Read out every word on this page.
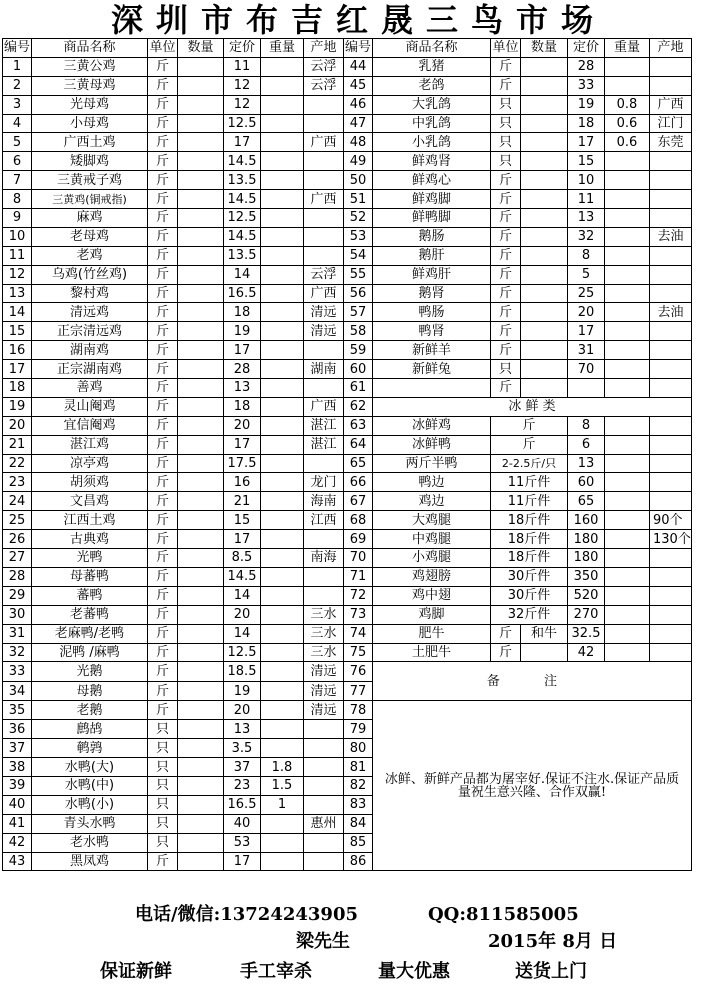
深圳市布吉红晟三鸟市场
编号	商品名称	单位	数量	定价	重量	产地	编号	商品名称	单位	数量	定价	重量	产地
1	三黄公鸡	斤		11		云浮	44	乳猪	斤		28		
2	三黄母鸡	斤		12		云浮	45	老鸽	斤		33		
3	光母鸡	斤		12			46	大乳鸽	只		19	0.8	广西
4	小母鸡	斤		12.5			47	中乳鸽	只		18	0.6	江门
5	广西土鸡	斤		17		广西	48	小乳鸽	只		17	0.6	东莞
6	矮脚鸡	斤		14.5			49	鲜鸡肾	只		15		
7	三黄戒子鸡	斤		13.5			50	鲜鸡心	斤		10		
8	三黄鸡(铜戒指)	斤		14.5		广西	51	鲜鸡脚	斤		11		
9	麻鸡	斤		12.5			52	鲜鸭脚	斤		13		
10	老母鸡	斤		14.5			53	鹅肠	斤		32		去油
11	老鸡	斤		13.5			54	鹅肝	斤		8		
12	乌鸡(竹丝鸡)	斤		14		云浮	55	鲜鸡肝	斤		5		
13	黎村鸡	斤		16.5		广西	56	鹅肾	斤		25		
14	清远鸡	斤		18		清远	57	鸭肠	斤		20		去油
15	正宗清远鸡	斤		19		清远	58	鸭肾	斤		17		
16	湖南鸡	斤		17			59	新鲜羊	斤		31		
17	正宗湖南鸡	斤		28		湖南	60	新鲜兔	只		70		
18	善鸡	斤		13			61		斤				
19	灵山阉鸡	斤		18		广西	62	冰 鲜 类					
20	宜信阉鸡	斤		20		湛江	63	冰鲜鸡	斤		8		
21	湛江鸡	斤		17		湛江	64	冰鲜鸭	斤		6		
22	凉亭鸡	斤		17.5			65	两斤半鸭	2-2.5斤/只		13		
23	胡须鸡	斤		16		龙门	66	鸭边	11斤件		60		
24	文昌鸡	斤		21		海南	67	鸡边	11斤件		65		
25	江西土鸡	斤		15		江西	68	大鸡腿	18斤件		160		90个
26	古典鸡	斤		17			69	中鸡腿	18斤件		180		130个
27	光鸭	斤		8.5		南海	70	小鸡腿	18斤件		180		
28	母蕃鸭	斤		14.5			71	鸡翅膀	30斤件		350		
29	蕃鸭	斤		14			72	鸡中翅	30斤件		520		
30	老蕃鸭	斤		20		三水	73	鸡脚	32斤件		270		
31	老麻鸭/老鸭	斤		14		三水	74	肥牛	斤	和牛	32.5		
32	泥鸭 /麻鸭	斤		12.5		三水	75	土肥牛	斤		42		
33	光鹅	斤		18.5		清远	76	备 注					
34	母鹅	斤		19		清远	77						
35	老鹅	斤		20		清远	78	冰鲜、新鲜产品都为屠宰好.保证不注水.保证产品质量祝生意兴隆、合作双赢!					
36	鹧鸪	只		13			79						
37	鹌鹑	只		3.5			80						
38	水鸭(大)	只		37	1.8		81						
39	水鸭(中)	只		23	1.5		82						
40	水鸭(小)	只		16.5	1		83						
41	青头水鸭	只		40		惠州	84						
42	老水鸭	只		53			85						
43	黑凤鸡	斤		17			86						
电话/微信:13724243905	QQ:811585005
梁先生	2015年 8月 日
保证新鲜	手工宰杀	量大优惠	送货上门
